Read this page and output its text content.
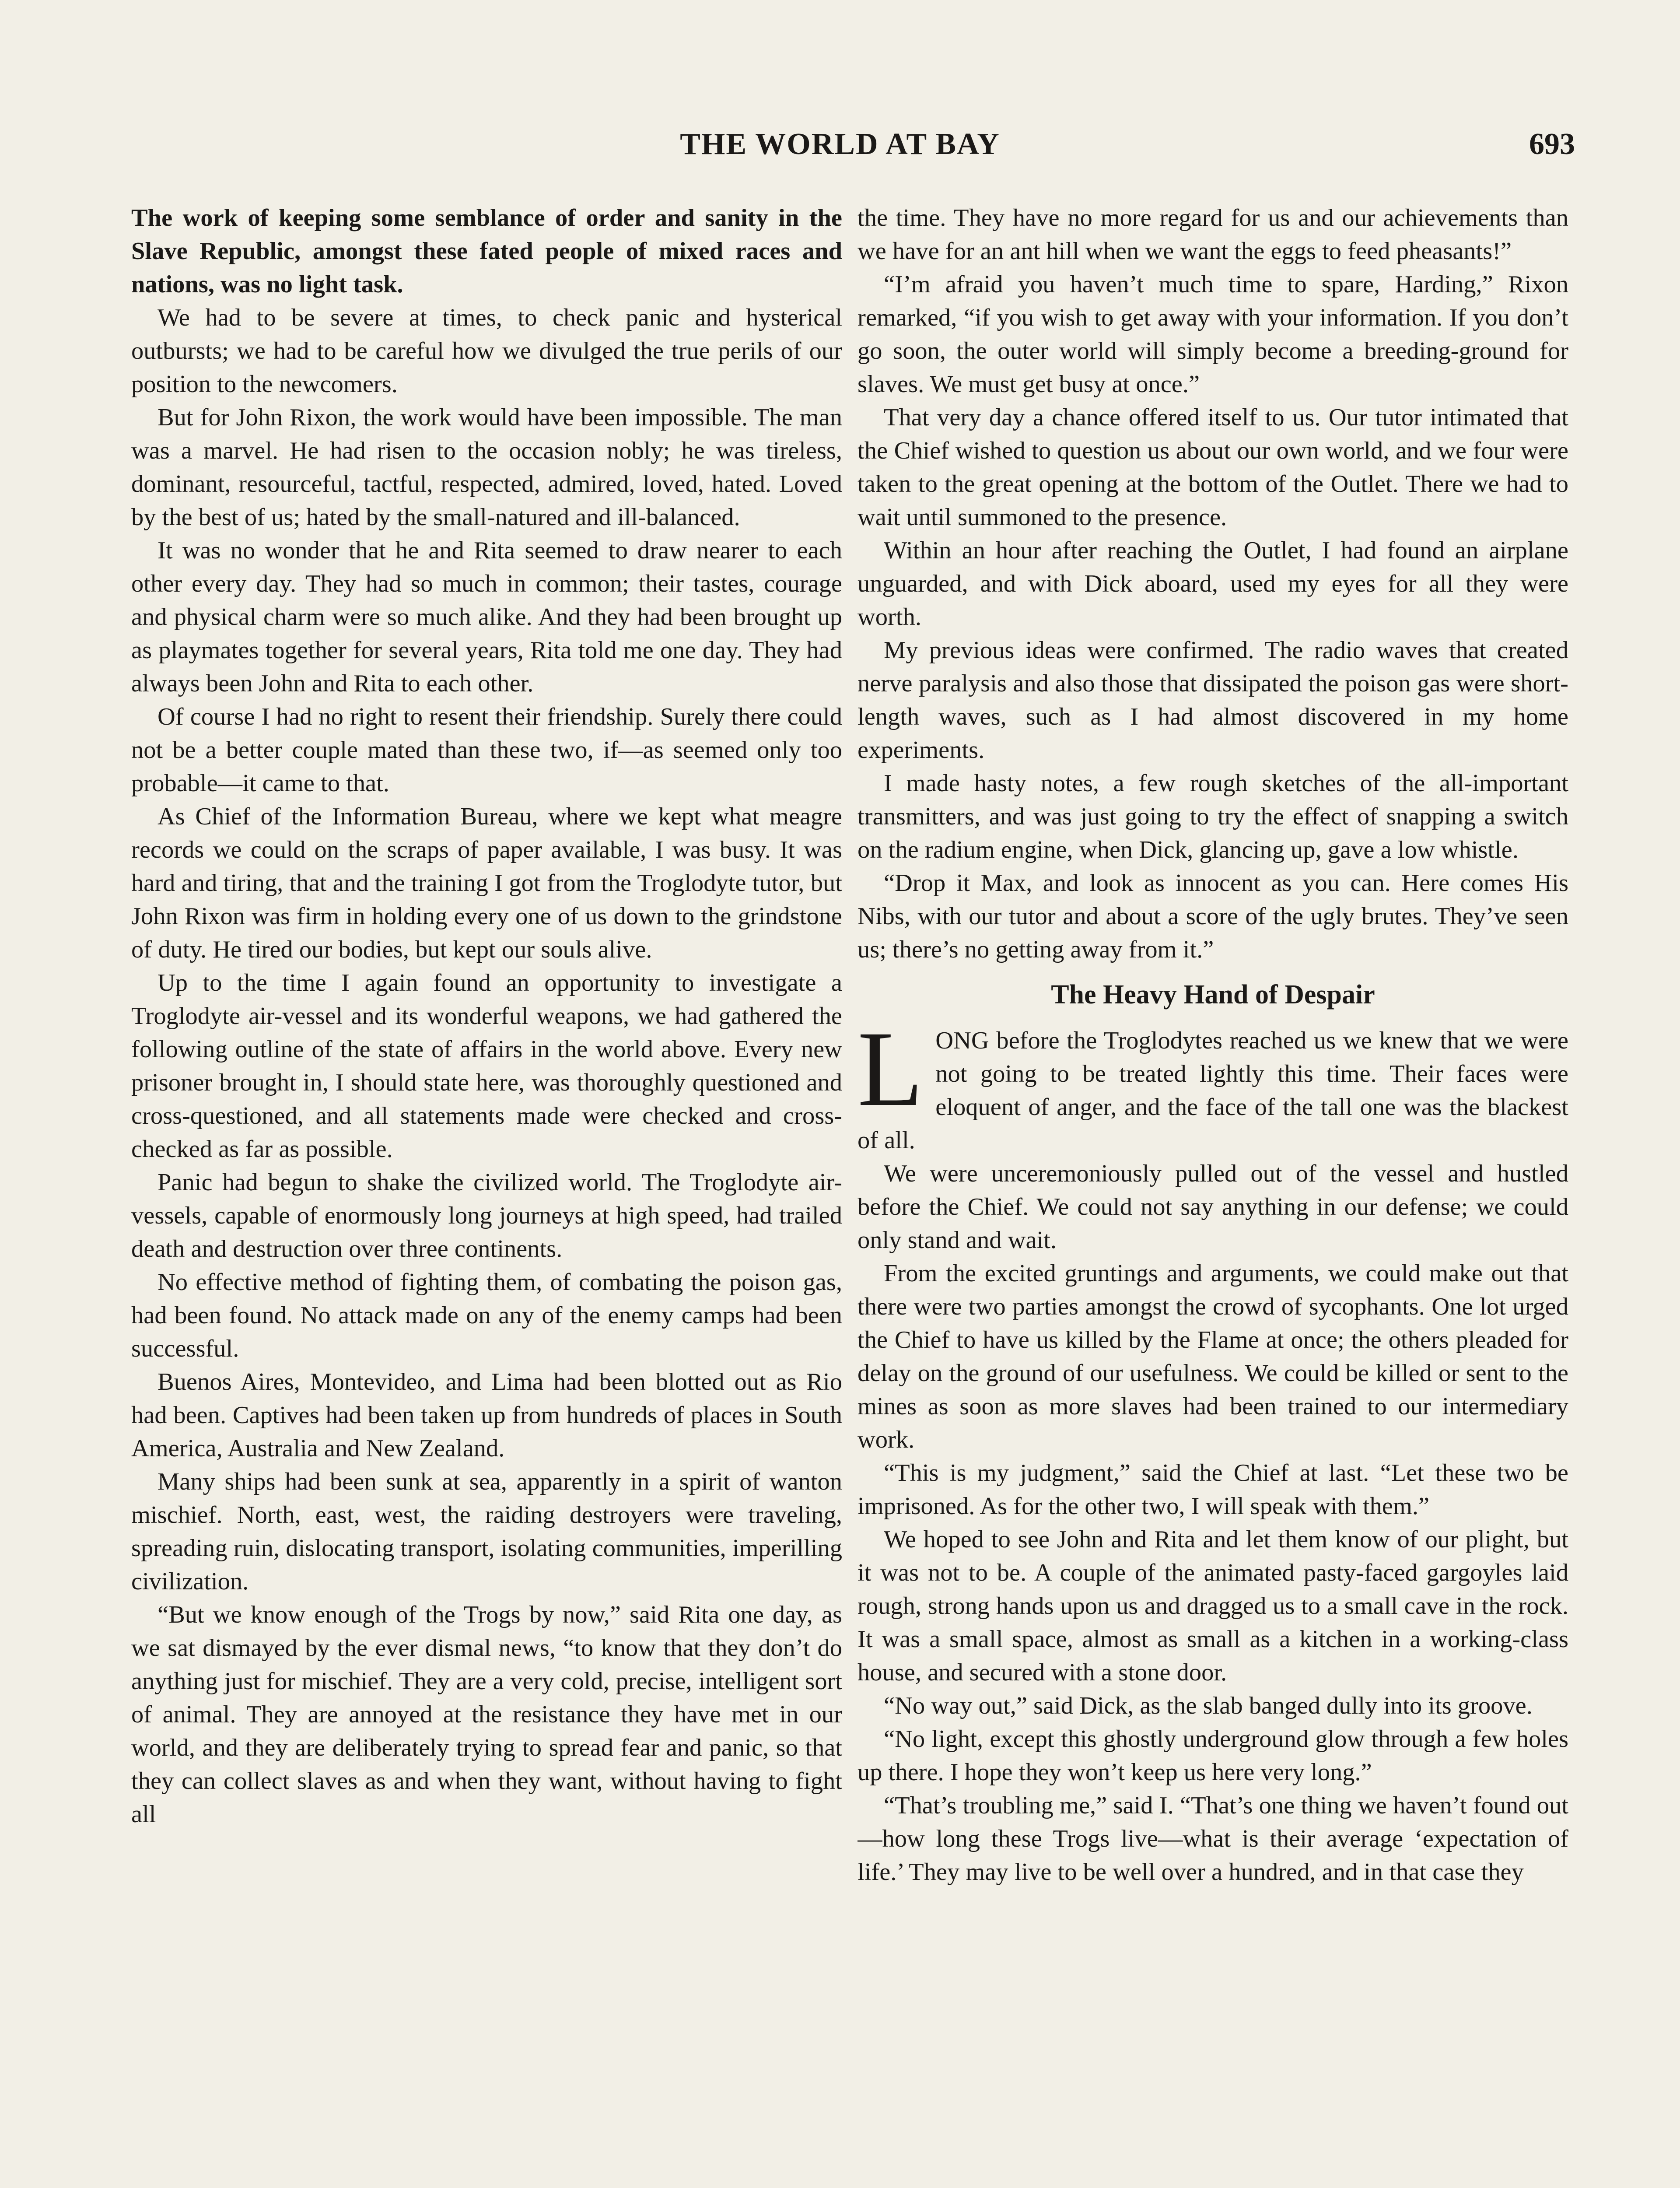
THE WORLD AT BAY	693

The work of keeping some semblance of order and sanity in the Slave Republic, amongst these fated people of mixed races and nations, was no light task.

We had to be severe at times, to check panic and hysterical outbursts; we had to be careful how we divulged the true perils of our position to the newcomers.

But for John Rixon, the work would have been impossible. The man was a marvel. He had risen to the occasion nobly; he was tireless, dominant, resourceful, tactful, respected, admired, loved, hated. Loved by the best of us; hated by the small-natured and ill-balanced.

It was no wonder that he and Rita seemed to draw nearer to each other every day. They had so much in common; their tastes, courage and physical charm were so much alike. And they had been brought up as playmates together for several years, Rita told me one day. They had always been John and Rita to each other.

Of course I had no right to resent their friendship. Surely there could not be a better couple mated than these two, if—as seemed only too probable—it came to that.

As Chief of the Information Bureau, where we kept what meagre records we could on the scraps of paper available, I was busy. It was hard and tiring, that and the training I got from the Troglodyte tutor, but John Rixon was firm in holding every one of us down to the grindstone of duty. He tired our bodies, but kept our souls alive.

Up to the time I again found an opportunity to investigate a Troglodyte air-vessel and its wonderful weapons, we had gathered the following outline of the state of affairs in the world above. Every new prisoner brought in, I should state here, was thoroughly questioned and cross-questioned, and all statements made were checked and cross-checked as far as possible.

Panic had begun to shake the civilized world. The Troglodyte air-vessels, capable of enormously long journeys at high speed, had trailed death and destruction over three continents.

No effective method of fighting them, of combating the poison gas, had been found. No attack made on any of the enemy camps had been successful.

Buenos Aires, Montevideo, and Lima had been blotted out as Rio had been. Captives had been taken up from hundreds of places in South America, Australia and New Zealand.

Many ships had been sunk at sea, apparently in a spirit of wanton mischief. North, east, west, the raiding destroyers were traveling, spreading ruin, dislocating transport, isolating communities, imperilling civilization.

“But we know enough of the Trogs by now,” said Rita one day, as we sat dismayed by the ever dismal news, “to know that they don’t do anything just for mischief. They are a very cold, precise, intelligent sort of animal. They are annoyed at the resistance they have met in our world, and they are deliberately trying to spread fear and panic, so that they can collect slaves as and when they want, without having to fight all

the time. They have no more regard for us and our achievements than we have for an ant hill when we want the eggs to feed pheasants!”

“I’m afraid you haven’t much time to spare, Harding,” Rixon remarked, “if you wish to get away with your information. If you don’t go soon, the outer world will simply become a breeding-ground for slaves. We must get busy at once.”

That very day a chance offered itself to us. Our tutor intimated that the Chief wished to question us about our own world, and we four were taken to the great opening at the bottom of the Outlet. There we had to wait until summoned to the presence.

Within an hour after reaching the Outlet, I had found an airplane unguarded, and with Dick aboard, used my eyes for all they were worth.

My previous ideas were confirmed. The radio waves that created nerve paralysis and also those that dissipated the poison gas were short-length waves, such as I had almost discovered in my home experiments.

I made hasty notes, a few rough sketches of the all-important transmitters, and was just going to try the effect of snapping a switch on the radium engine, when Dick, glancing up, gave a low whistle.

“Drop it Max, and look as innocent as you can. Here comes His Nibs, with our tutor and about a score of the ugly brutes. They’ve seen us; there’s no getting away from it.”

The Heavy Hand of Despair

LONG before the Troglodytes reached us we knew that we were not going to be treated lightly this time. Their faces were eloquent of anger, and the face of the tall one was the blackest of all.

We were unceremoniously pulled out of the vessel and hustled before the Chief. We could not say anything in our defense; we could only stand and wait.

From the excited gruntings and arguments, we could make out that there were two parties amongst the crowd of sycophants. One lot urged the Chief to have us killed by the Flame at once; the others pleaded for delay on the ground of our usefulness. We could be killed or sent to the mines as soon as more slaves had been trained to our intermediary work.

“This is my judgment,” said the Chief at last. “Let these two be imprisoned. As for the other two, I will speak with them.”

We hoped to see John and Rita and let them know of our plight, but it was not to be. A couple of the animated pasty-faced gargoyles laid rough, strong hands upon us and dragged us to a small cave in the rock. It was a small space, almost as small as a kitchen in a working-class house, and secured with a stone door.

“No way out,” said Dick, as the slab banged dully into its groove.

“No light, except this ghostly underground glow through a few holes up there. I hope they won’t keep us here very long.”

“That’s troubling me,” said I. “That’s one thing we haven’t found out—how long these Trogs live—what is their average ‘expectation of life.’ They may live to be well over a hundred, and in that case they
